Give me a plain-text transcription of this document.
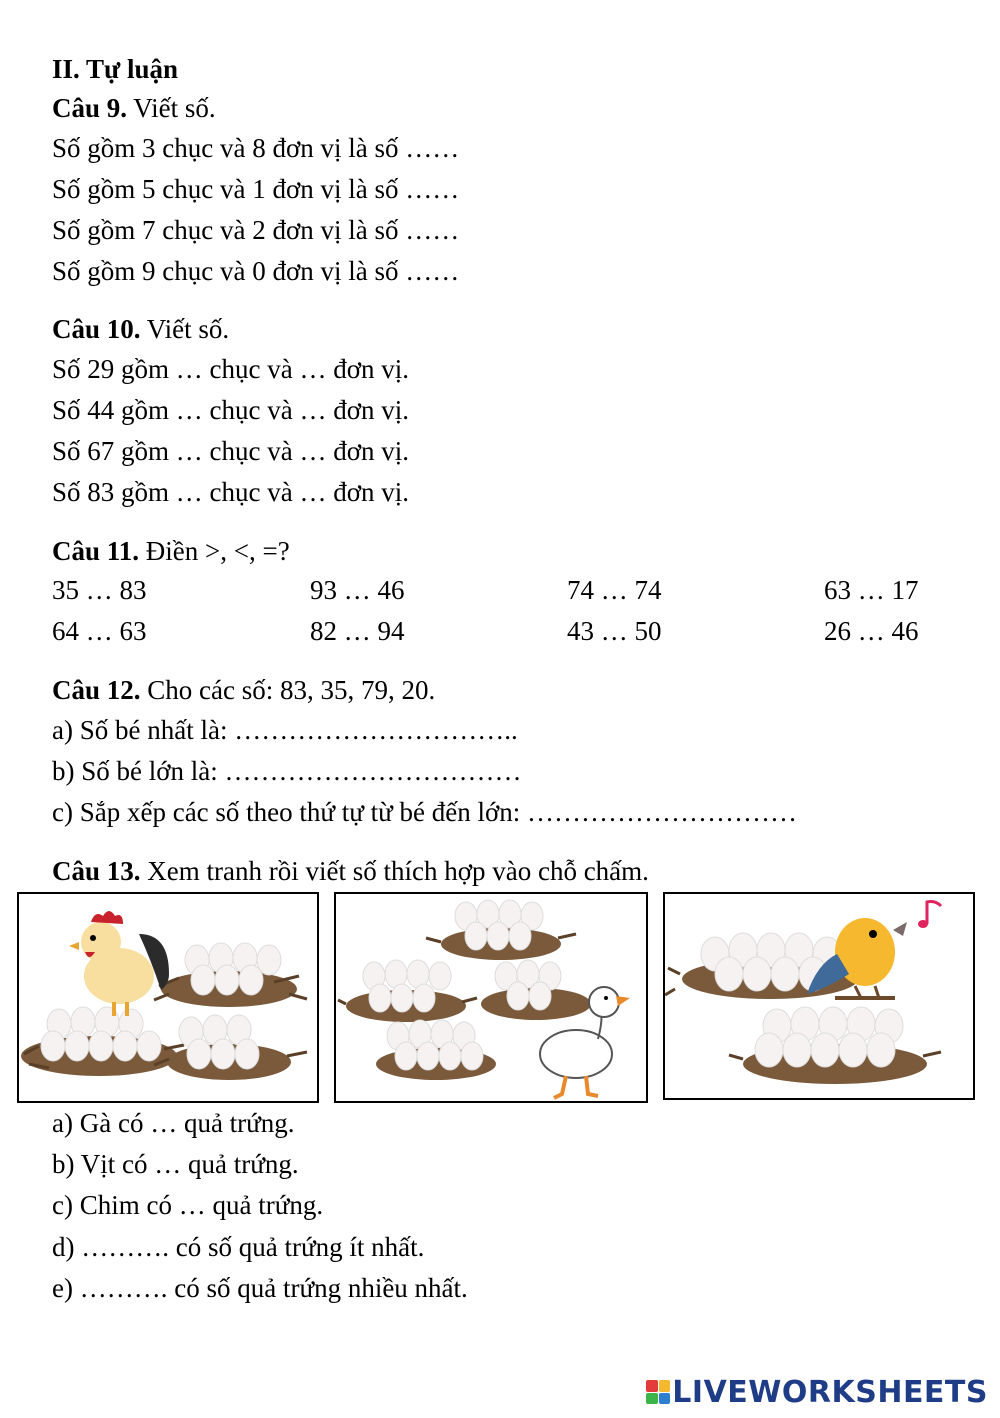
II. Tự luận
Câu 9. Viết số.
Số gồm 3 chục và 8 đơn vị là số ……
Số gồm 5 chục và 1 đơn vị là số ……
Số gồm 7 chục và 2 đơn vị là số ……
Số gồm 9 chục và 0 đơn vị là số ……
Câu 10. Viết số.
Số 29 gồm … chục và … đơn vị.
Số 44 gồm … chục và … đơn vị.
Số 67 gồm … chục và … đơn vị.
Số 83 gồm … chục và … đơn vị.
Câu 11. Điền >, <, =?
35 … 83	93 … 46	74 … 74	63 … 17
64 … 63	82 … 94	43 … 50	26 … 46
Câu 12. Cho các số: 83, 35, 79, 20.
a) Số bé nhất là: …………………………..
b) Số bé lớn là: ……………………………
c) Sắp xếp các số theo thứ tự từ bé đến lớn: …………………………
Câu 13. Xem tranh rồi viết số thích hợp vào chỗ chấm.
a) Gà có … quả trứng.
b) Vịt có … quả trứng.
c) Chim có … quả trứng.
d) ………. có số quả trứng ít nhất.
e) ………. có số quả trứng nhiều nhất.
LIVEWORKSHEETS
